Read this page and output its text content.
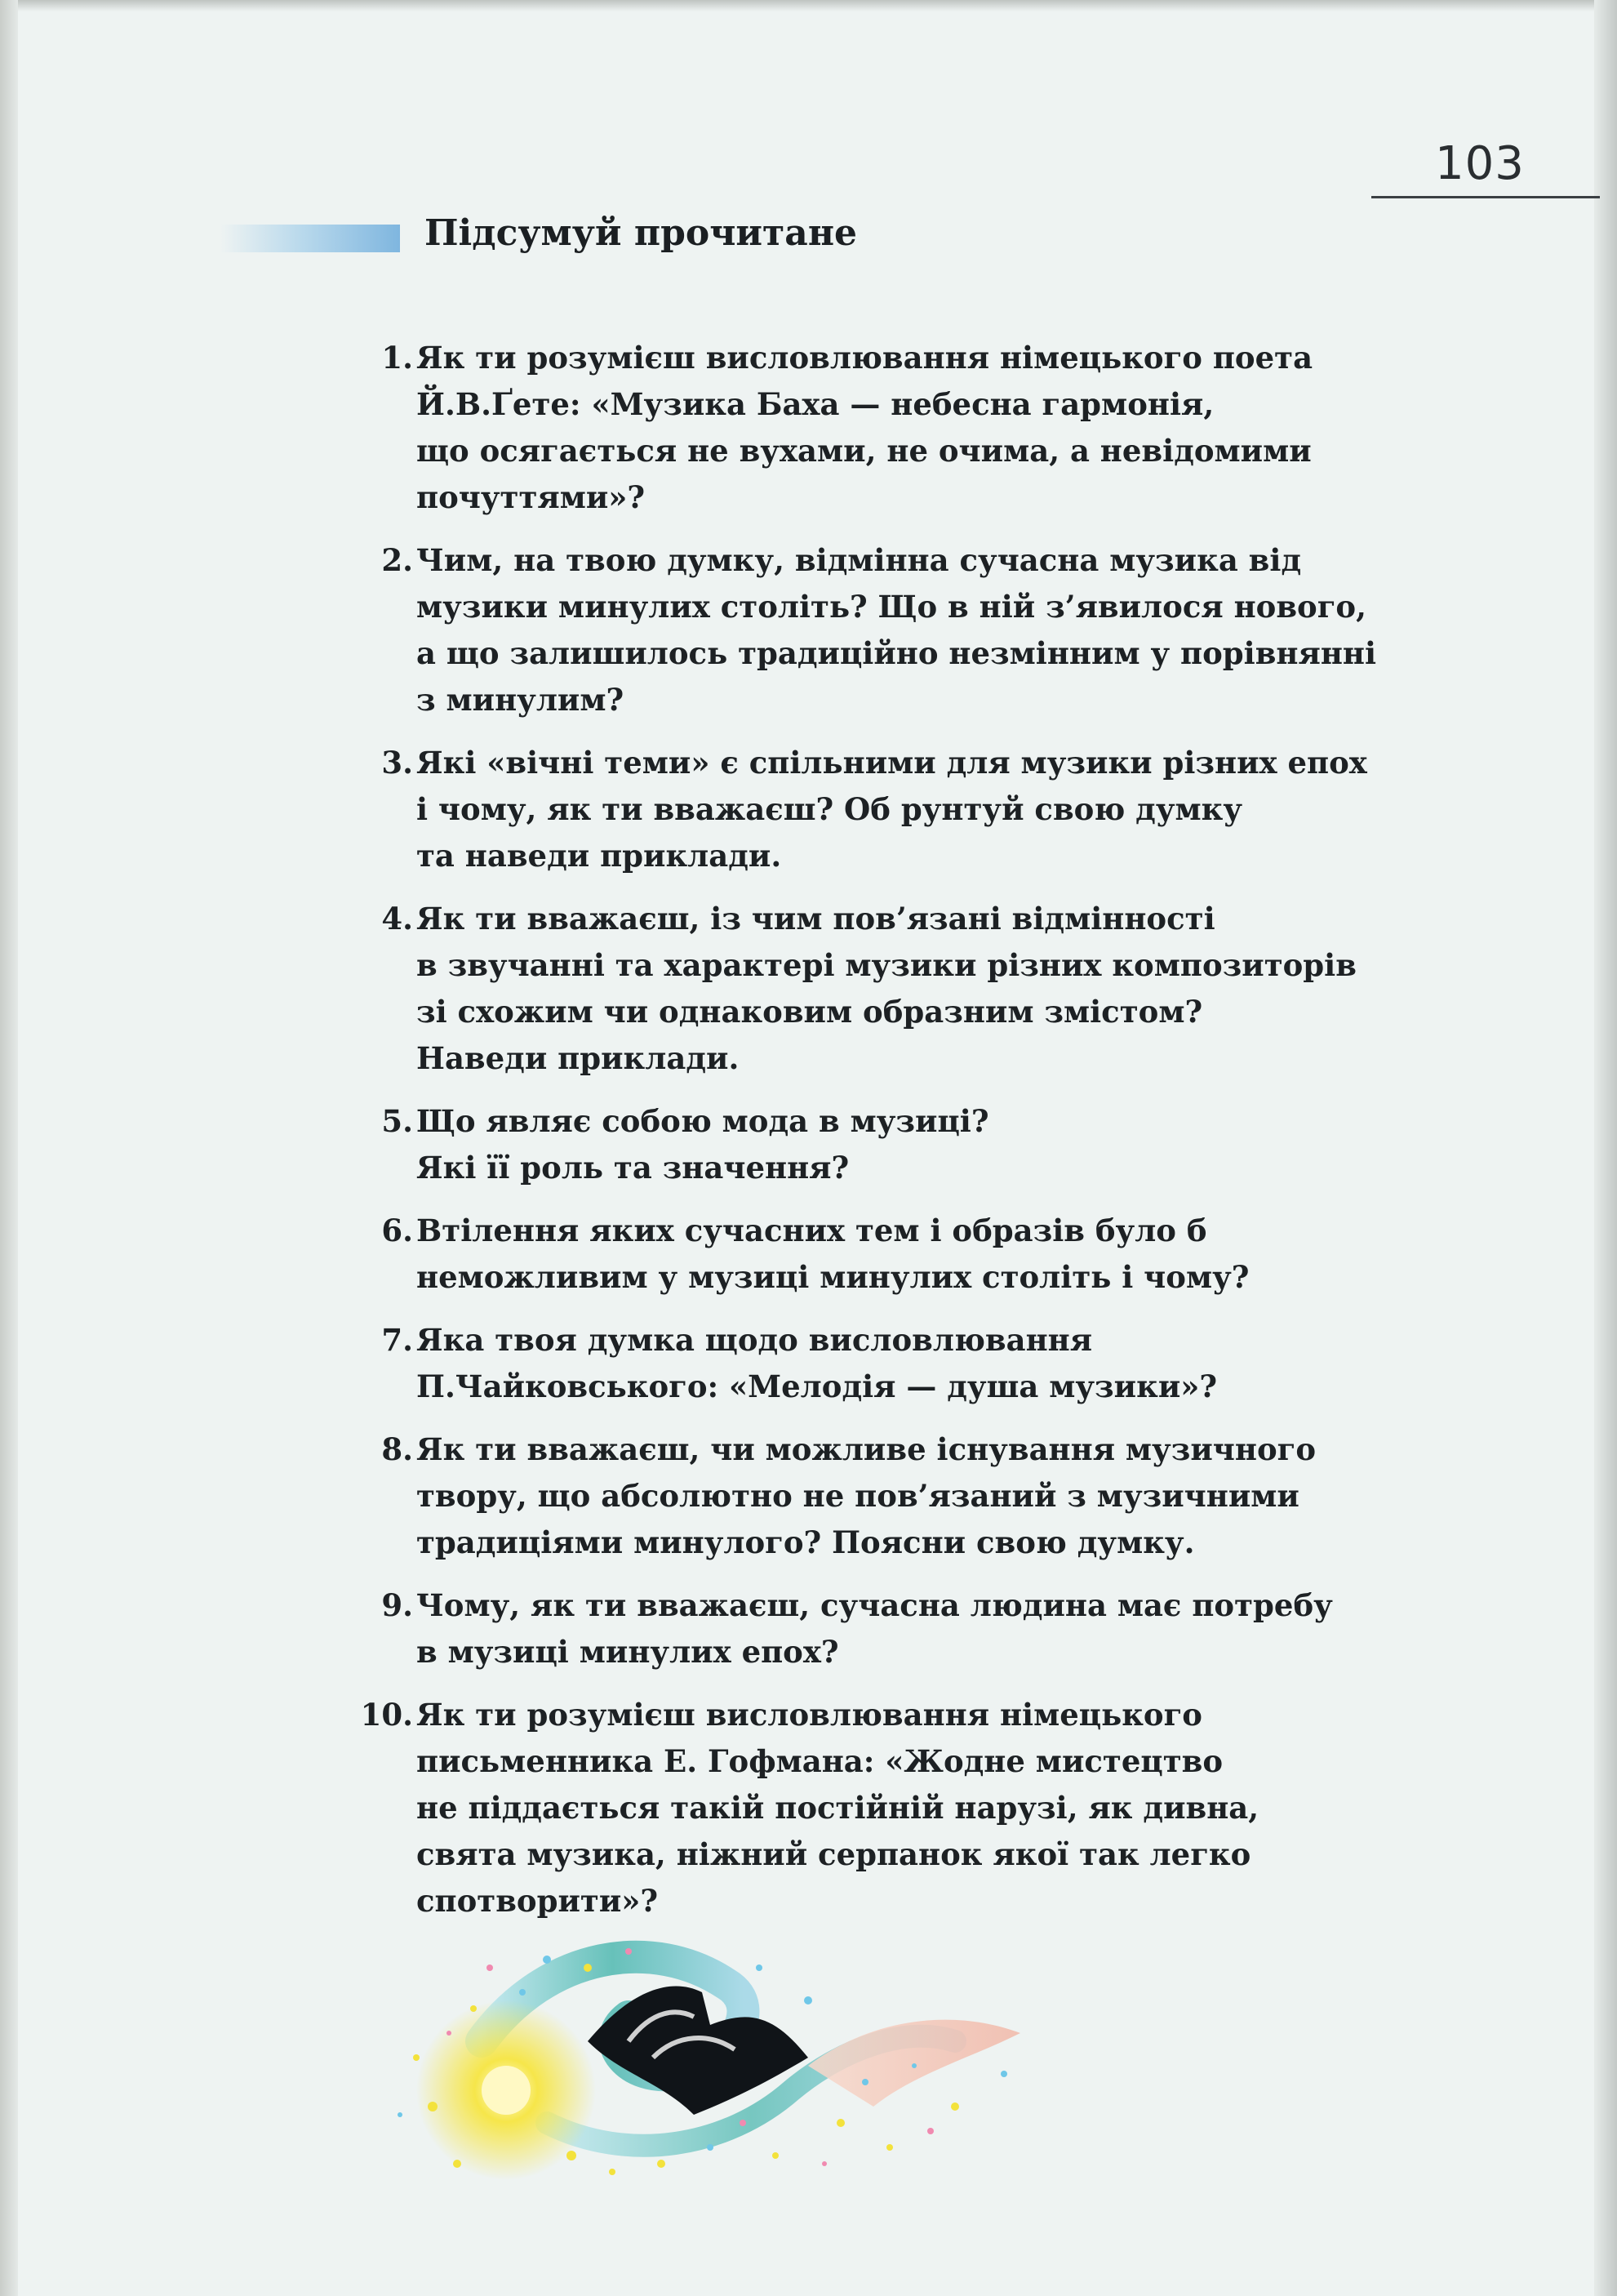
103
Підсумуй прочитане
1. Як ти розумієш висловлювання німецького поета
Й.В.Ґете: «Музика Баха — небесна гармонія,
що осягається не вухами, не очима, а невідомими
почуттями»?
2. Чим, на твою думку, відмінна сучасна музика від
музики минулих століть? Що в ній з’явилося нового,
а що залишилось традиційно незмінним у порівнянні
з минулим?
3. Які «вічні теми» є спільними для музики різних епох
і чому, як ти вважаєш? Об рунтуй свою думку
та наведи приклади.
4. Як ти вважаєш, із чим пов’язані відмінності
в звучанні та характері музики різних композиторів
зі схожим чи однаковим образним змістом?
Наведи приклади.
5. Що являє собою мода в музиці?
Які її роль та значення?
6. Втілення яких сучасних тем і образів було б
неможливим у музиці минулих століть і чому?
7. Яка твоя думка щодо висловлювання
П.Чайковського: «Мелодія — душа музики»?
8. Як ти вважаєш, чи можливе існування музичного
твору, що абсолютно не пов’язаний з музичними
традиціями минулого? Поясни свою думку.
9. Чому, як ти вважаєш, сучасна людина має потребу
в музиці минулих епох?
10. Як ти розумієш висловлювання німецького
письменника Е. Гофмана: «Жодне мистецтво
не піддається такій постійній нарузі, як дивна,
свята музика, ніжний серпанок якої так легко
спотворити»?
